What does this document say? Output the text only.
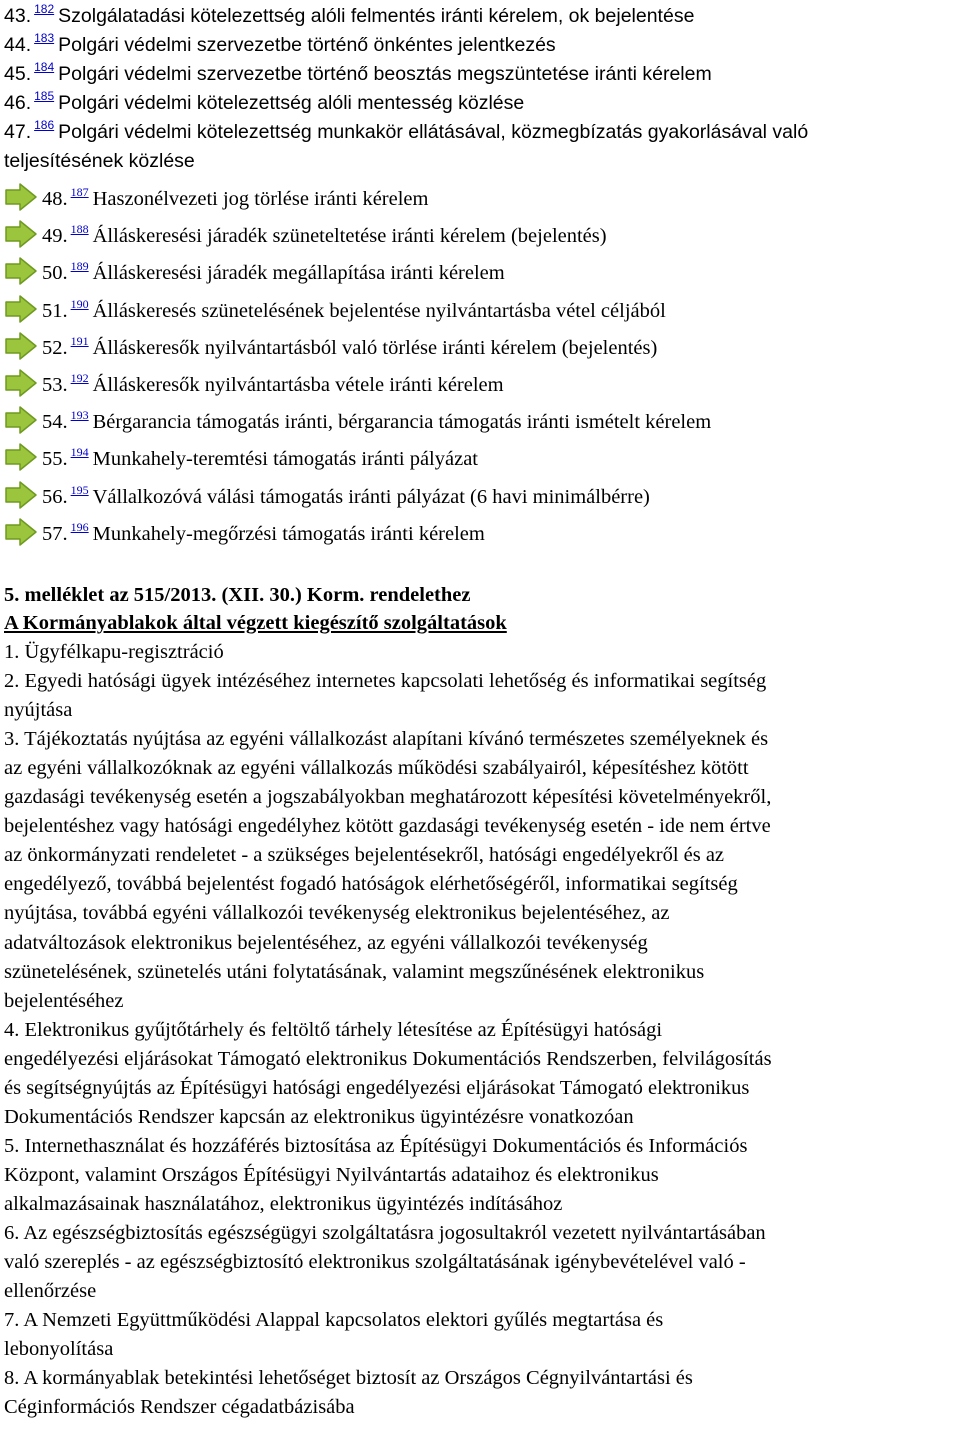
43. $^{182}$ Szolgálatadási kötelezettség alóli felmentés iránti kérelem, ok bejelentése
44. $^{183}$ Polgári védelmi szervezetbe történő önkéntes jelentkezés
45. $^{184}$ Polgári védelmi szervezetbe történő beosztás megszüntetése iránti kérelem
46. $^{185}$ Polgári védelmi kötelezettség alóli mentesség közlése
47. $^{186}$ Polgári védelmi kötelezettség munkakör ellátásával, közmegbízatás gyakorlásával való
teljesítésének közlése
48. $^{187}$ Haszonélvezeti jog törlése iránti kérelem
49. $^{188}$ Álláskeresési járadék szüneteltetése iránti kérelem (bejelentés)
50. $^{189}$ Álláskeresési járadék megállapítása iránti kérelem
51. $^{190}$ Álláskeresés szünetelésének bejelentése nyilvántartásba vétel céljából
52. $^{191}$ Álláskeresők nyilvántartásból való törlése iránti kérelem (bejelentés)
53. $^{192}$ Álláskeresők nyilvántartásba vétele iránti kérelem
54. $^{193}$ Bérgarancia támogatás iránti, bérgarancia támogatás iránti ismételt kérelem
55. $^{194}$ Munkahely-teremtési támogatás iránti pályázat
56. $^{195}$ Vállalkozóvá válási támogatás iránti pályázat (6 havi minimálbérre)
57. $^{196}$ Munkahely-megőrzési támogatás iránti kérelem
5. melléklet az 515/2013. (XII. 30.) Korm. rendelethez
A Kormányablakok által végzett kiegészítő szolgáltatások
1. Ügyfélkapu-regisztráció
2. Egyedi hatósági ügyek intézéséhez internetes kapcsolati lehetőség és informatikai segítség
nyújtása
3. Tájékoztatás nyújtása az egyéni vállalkozást alapítani kívánó természetes személyeknek és
az egyéni vállalkozóknak az egyéni vállalkozás működési szabályairól, képesítéshez kötött
gazdasági tevékenység esetén a jogszabályokban meghatározott képesítési követelményekről,
bejelentéshez vagy hatósági engedélyhez kötött gazdasági tevékenység esetén - ide nem értve
az önkormányzati rendeletet - a szükséges bejelentésekről, hatósági engedélyekről és az
engedélyező, továbbá bejelentést fogadó hatóságok elérhetőségéről, informatikai segítség
nyújtása, továbbá egyéni vállalkozói tevékenység elektronikus bejelentéséhez, az
adatváltozások elektronikus bejelentéséhez, az egyéni vállalkozói tevékenység
szünetelésének, szünetelés utáni folytatásának, valamint megszűnésének elektronikus
bejelentéséhez
4. Elektronikus gyűjtőtárhely és feltöltő tárhely létesítése az Építésügyi hatósági
engedélyezési eljárásokat Támogató elektronikus Dokumentációs Rendszerben, felvilágosítás
és segítségnyújtás az Építésügyi hatósági engedélyezési eljárásokat Támogató elektronikus
Dokumentációs Rendszer kapcsán az elektronikus ügyintézésre vonatkozóan
5. Internethasználat és hozzáférés biztosítása az Építésügyi Dokumentációs és Információs
Központ, valamint Országos Építésügyi Nyilvántartás adataihoz és elektronikus
alkalmazásainak használatához, elektronikus ügyintézés indításához
6. Az egészségbiztosítás egészségügyi szolgáltatásra jogosultakról vezetett nyilvántartásában
való szereplés - az egészségbiztosító elektronikus szolgáltatásának igénybevételével való -
ellenőrzése
7. A Nemzeti Együttműködési Alappal kapcsolatos elektori gyűlés megtartása és
lebonyolítása
8. A kormányablak betekintési lehetőséget biztosít az Országos Cégnyilvántartási és
Céginformációs Rendszer cégadatbázisába
